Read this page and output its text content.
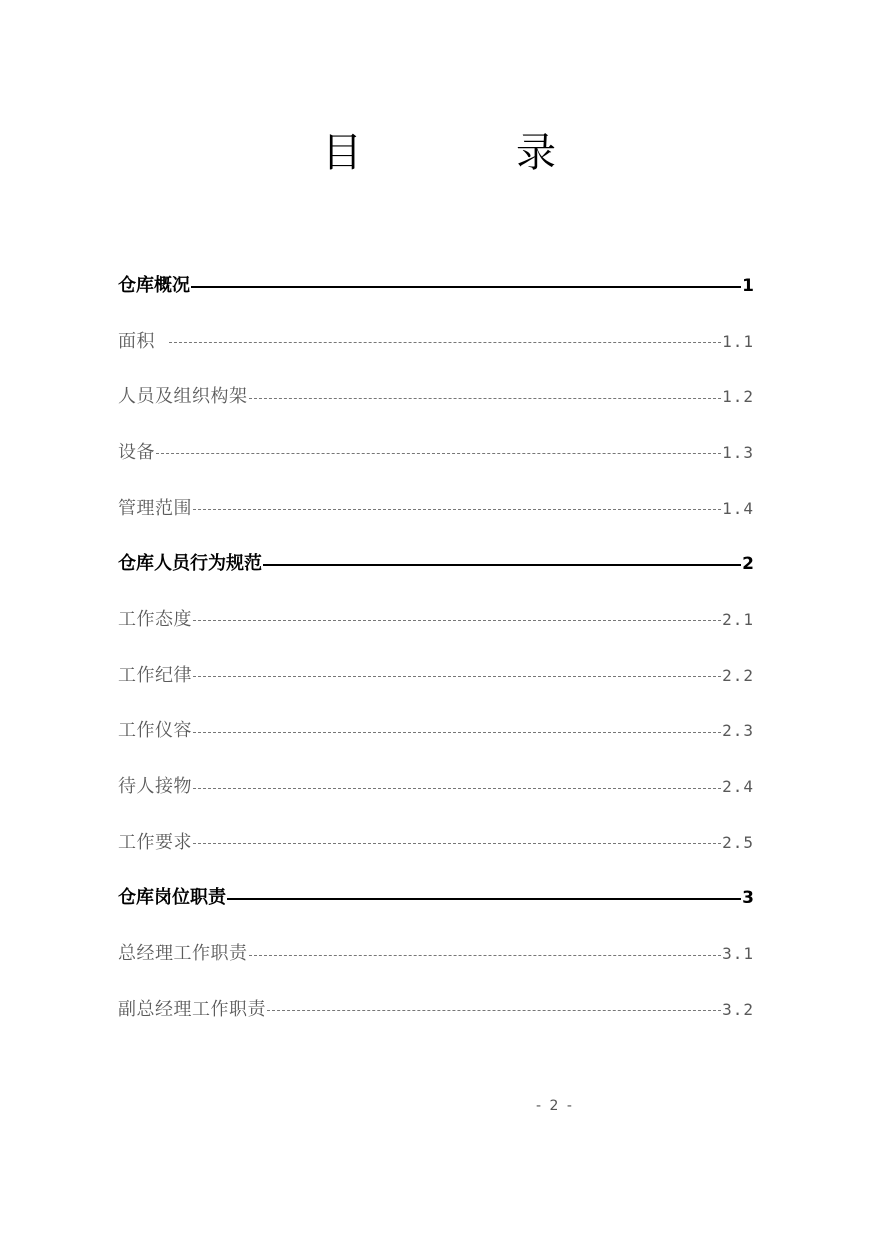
目	录
仓库概况	1
面积	1.1
人员及组织构架	1.2
设备	1.3
管理范围	1.4
仓库人员行为规范	2
工作态度	2.1
工作纪律	2.2
工作仪容	2.3
待人接物	2.4
工作要求	2.5
仓库岗位职责	3
总经理工作职责	3.1
副总经理工作职责	3.2
- 2 -
